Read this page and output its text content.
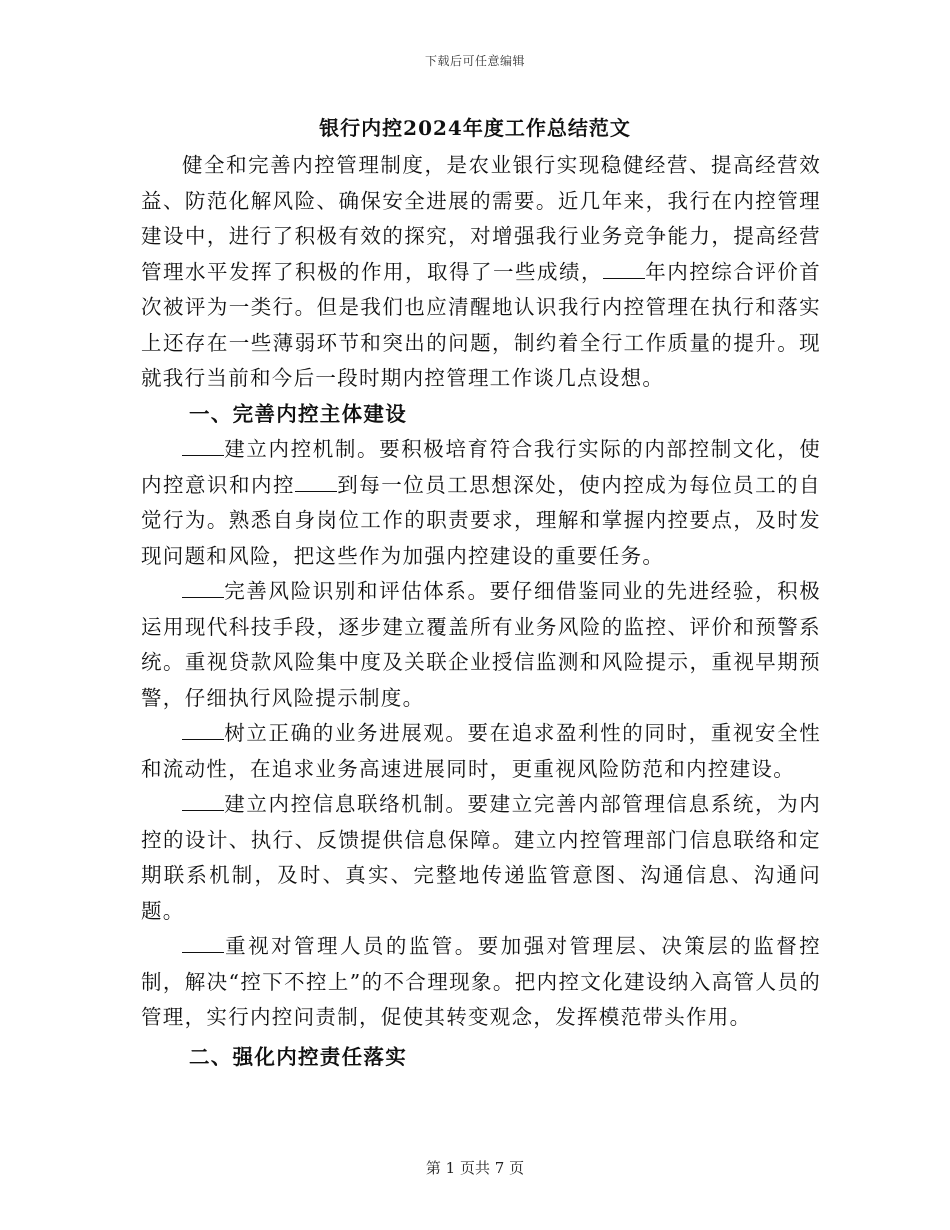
下载后可任意编辑
银行内控2024年度工作总结范文

健全和完善内控管理制度，是农业银行实现稳健经营、提高经营效益、防范化解风险、确保安全进展的需要。近几年来，我行在内控管理建设中，进行了积极有效的探究，对增强我行业务竞争能力，提高经营管理水平发挥了积极的作用，取得了一些成绩， 年内控综合评价首次被评为一类行。但是我们也应清醒地认识我行内控管理在执行和落实上还存在一些薄弱环节和突出的问题，制约着全行工作质量的提升。现就我行当前和今后一段时期内控管理工作谈几点设想。

一、完善内控主体建设

建立内控机制。要积极培育符合我行实际的内部控制文化，使内控意识和内控 到每一位员工思想深处，使内控成为每位员工的自觉行为。熟悉自身岗位工作的职责要求，理解和掌握内控要点，及时发现问题和风险，把这些作为加强内控建设的重要任务。

完善风险识别和评估体系。要仔细借鉴同业的先进经验，积极运用现代科技手段，逐步建立覆盖所有业务风险的监控、评价和预警系统。重视贷款风险集中度及关联企业授信监测和风险提示，重视早期预警，仔细执行风险提示制度。

树立正确的业务进展观。要在追求盈利性的同时，重视安全性和流动性，在追求业务高速进展同时，更重视风险防范和内控建设。

建立内控信息联络机制。要建立完善内部管理信息系统，为内控的设计、执行、反馈提供信息保障。建立内控管理部门信息联络和定期联系机制，及时、真实、完整地传递监管意图、沟通信息、沟通问题。

重视对管理人员的监管。要加强对管理层、决策层的监督控制，解决“控下不控上”的不合理现象。把内控文化建设纳入高管人员的管理，实行内控问责制，促使其转变观念，发挥模范带头作用。

二、强化内控责任落实

第 1 页共 7 页
